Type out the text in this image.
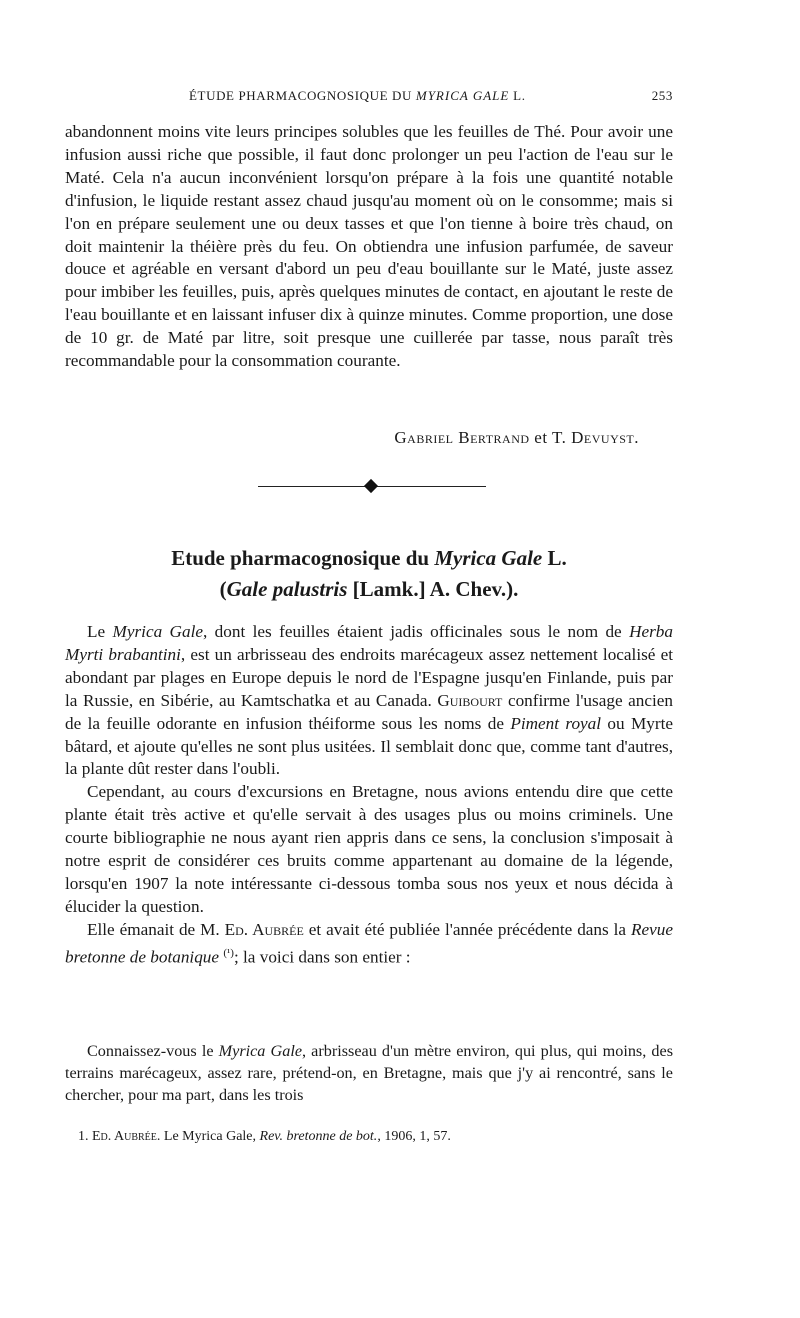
ÉTUDE PHARMACOGNOSIQUE DU MYRICA GALE L.	253
abandonnent moins vite leurs principes solubles que les feuilles de Thé. Pour avoir une infusion aussi riche que possible, il faut donc prolonger un peu l'action de l'eau sur le Maté. Cela n'a aucun inconvénient lorsqu'on prépare à la fois une quantité notable d'infusion, le liquide restant assez chaud jusqu'au moment où on le consomme; mais si l'on en prépare seulement une ou deux tasses et que l'on tienne à boire très chaud, on doit maintenir la théière près du feu. On obtiendra une infusion parfumée, de saveur douce et agréable en versant d'abord un peu d'eau bouillante sur le Maté, juste assez pour imbiber les feuilles, puis, après quelques minutes de contact, en ajoutant le reste de l'eau bouillante et en laissant infuser dix à quinze minutes. Comme proportion, une dose de 10 gr. de Maté par litre, soit presque une cuillerée par tasse, nous paraît très recommandable pour la consommation courante.
Gabriel Bertrand et T. Devuyst.
Etude pharmacognosique du Myrica Gale L.
(Gale palustris [Lamk.] A. Chev.).

Le Myrica Gale, dont les feuilles étaient jadis officinales sous le nom de Herba Myrti brabantini, est un arbrisseau des endroits marécageux assez nettement localisé et abondant par plages en Europe depuis le nord de l'Espagne jusqu'en Finlande, puis par la Russie, en Sibérie, au Kamtschatka et au Canada. Guibourt confirme l'usage ancien de la feuille odorante en infusion théiforme sous les noms de Piment royal ou Myrte bâtard, et ajoute qu'elles ne sont plus usitées. Il semblait donc que, comme tant d'autres, la plante dût rester dans l'oubli.

Cependant, au cours d'excursions en Bretagne, nous avions entendu dire que cette plante était très active et qu'elle servait à des usages plus ou moins criminels. Une courte bibliographie ne nous ayant rien appris dans ce sens, la conclusion s'imposait à notre esprit de considérer ces bruits comme appartenant au domaine de la légende, lorsqu'en 1907 la note intéressante ci-dessous tomba sous nos yeux et nous décida à élucider la question.

Elle émanait de M. Ed. Aubrée et avait été publiée l'année précédente dans la Revue bretonne de botanique $^{(^1)}$; la voici dans son entier :

Connaissez-vous le Myrica Gale, arbrisseau d'un mètre environ, qui plus, qui moins, des terrains marécageux, assez rare, prétend-on, en Bretagne, mais que j'y ai rencontré, sans le chercher, pour ma part, dans les trois
1. Ed. Aubrée. Le Myrica Gale, Rev. bretonne de bot., 1906, 1, 57.
